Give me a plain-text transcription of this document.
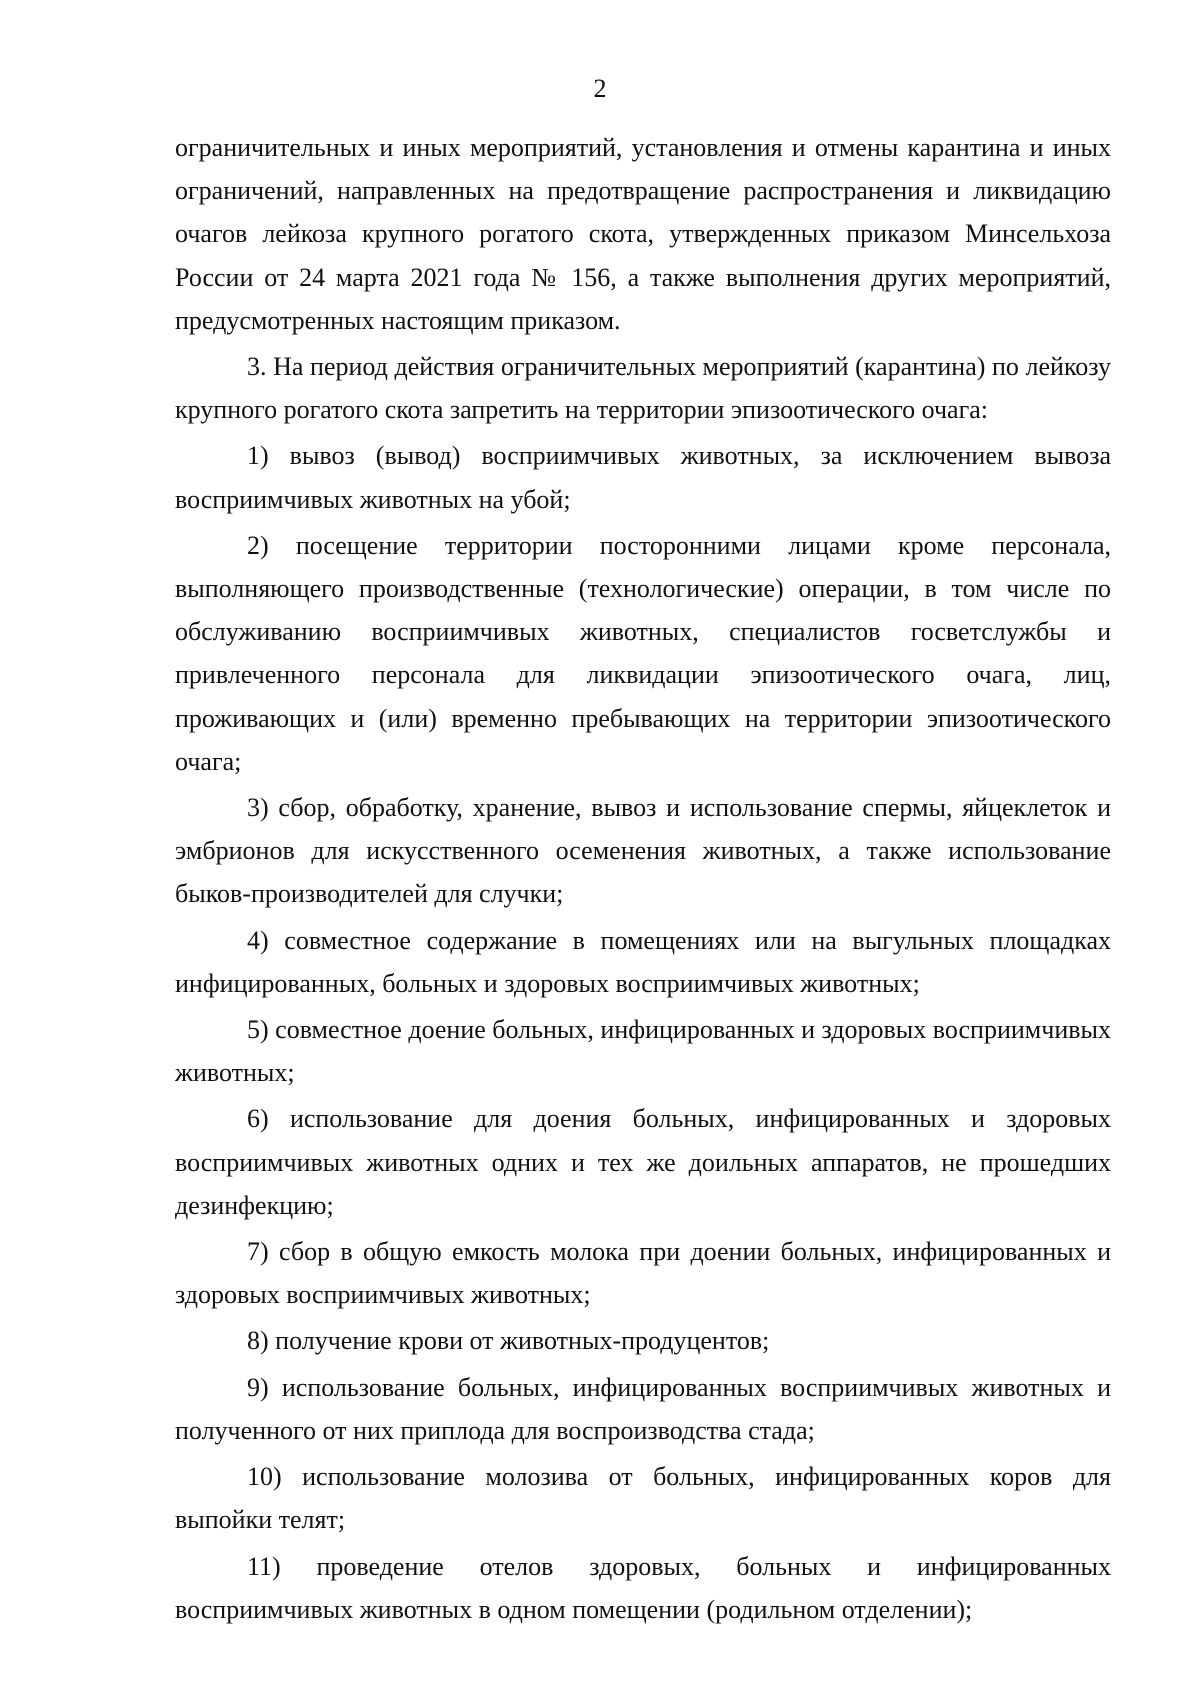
2

ограничительных и иных мероприятий, установления и отмены карантина и иных ограничений, направленных на предотвращение распространения и ликвидацию очагов лейкоза крупного рогатого скота, утвержденных приказом Минсельхоза России от 24 марта 2021 года № 156, а также выполнения других мероприятий, предусмотренных настоящим приказом.

3. На период действия ограничительных мероприятий (карантина) по лейкозу крупного рогатого скота запретить на территории эпизоотического очага:

1) вывоз (вывод) восприимчивых животных, за исключением вывоза восприимчивых животных на убой;

2) посещение территории посторонними лицами кроме персонала, выполняющего производственные (технологические) операции, в том числе по обслуживанию восприимчивых животных, специалистов госветслужбы и привлеченного персонала для ликвидации эпизоотического очага, лиц, проживающих и (или) временно пребывающих на территории эпизоотического очага;

3) сбор, обработку, хранение, вывоз и использование спермы, яйцеклеток и эмбрионов для искусственного осеменения животных, а также использование быков-производителей для случки;

4) совместное содержание в помещениях или на выгульных площадках инфицированных, больных и здоровых восприимчивых животных;

5) совместное доение больных, инфицированных и здоровых восприимчивых животных;

6) использование для доения больных, инфицированных и здоровых восприимчивых животных одних и тех же доильных аппаратов, не прошедших дезинфекцию;

7) сбор в общую емкость молока при доении больных, инфицированных и здоровых восприимчивых животных;

8) получение крови от животных-продуцентов;

9) использование больных, инфицированных восприимчивых животных и полученного от них приплода для воспроизводства стада;

10) использование молозива от больных, инфицированных коров для выпойки телят;

11) проведение отелов здоровых, больных и инфицированных восприимчивых животных в одном помещении (родильном отделении);
